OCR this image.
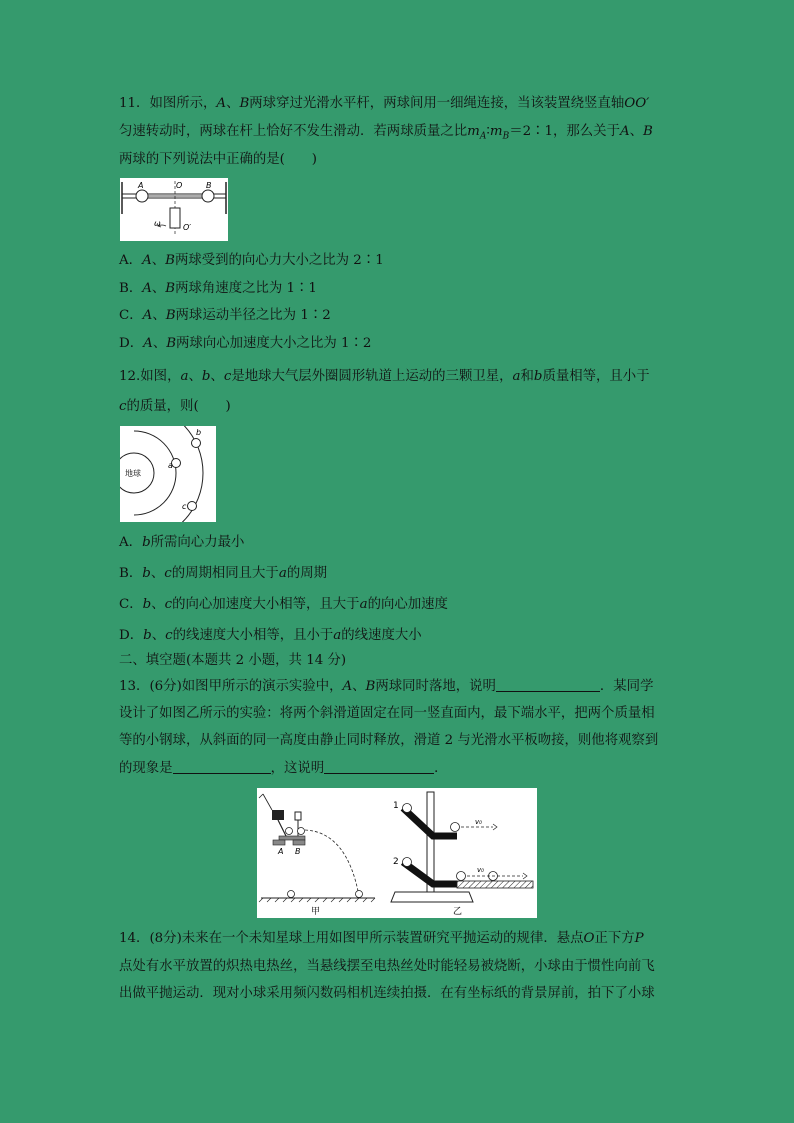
11．如图所示，A、B两球穿过光滑水平杆，两球间用一细绳连接，当该装置绕竖直轴OO′
匀速转动时，两球在杆上恰好不发生滑动．若两球质量之比$m_A∶m_B=2∶1$，那么关于A、B
两球的下列说法中正确的是(　　)
A	O	B
ω	O′
A．A、B两球受到的向心力大小之比为 2∶1
B．A、B两球角速度之比为 1∶1
C．A、B两球运动半径之比为 1∶2
D．A、B两球向心加速度大小之比为 1∶2
12.如图，a、b、c是地球大气层外圈圆形轨道上运动的三颗卫星，a和b质量相等，且小于
c的质量，则(　　)
地球
a
b
c
A．b所需向心力最小
B．b、c的周期相同且大于a的周期
C．b、c的向心加速度大小相等，且大于a的向心加速度
D．b、c的线速度大小相等，且小于a的线速度大小
二、填空题(本题共 2 小题，共 14 分)
13．(6分)如图甲所示的演示实验中，A、B两球同时落地，说明	．某同学
设计了如图乙所示的实验：将两个斜滑道固定在同一竖直面内，最下端水平，把两个质量相
等的小钢球，从斜面的同一高度由静止同时释放，滑道 2 与光滑水平板吻接，则他将观察到
的现象是	，这说明	．
A B
甲
1
v₀
2
v₀
乙
14．(8分)未来在一个未知星球上用如图甲所示装置研究平抛运动的规律．悬点O正下方P
点处有水平放置的炽热电热丝，当悬线摆至电热丝处时能轻易被烧断，小球由于惯性向前飞
出做平抛运动．现对小球采用频闪数码相机连续拍摄．在有坐标纸的背景屏前，拍下了小球
